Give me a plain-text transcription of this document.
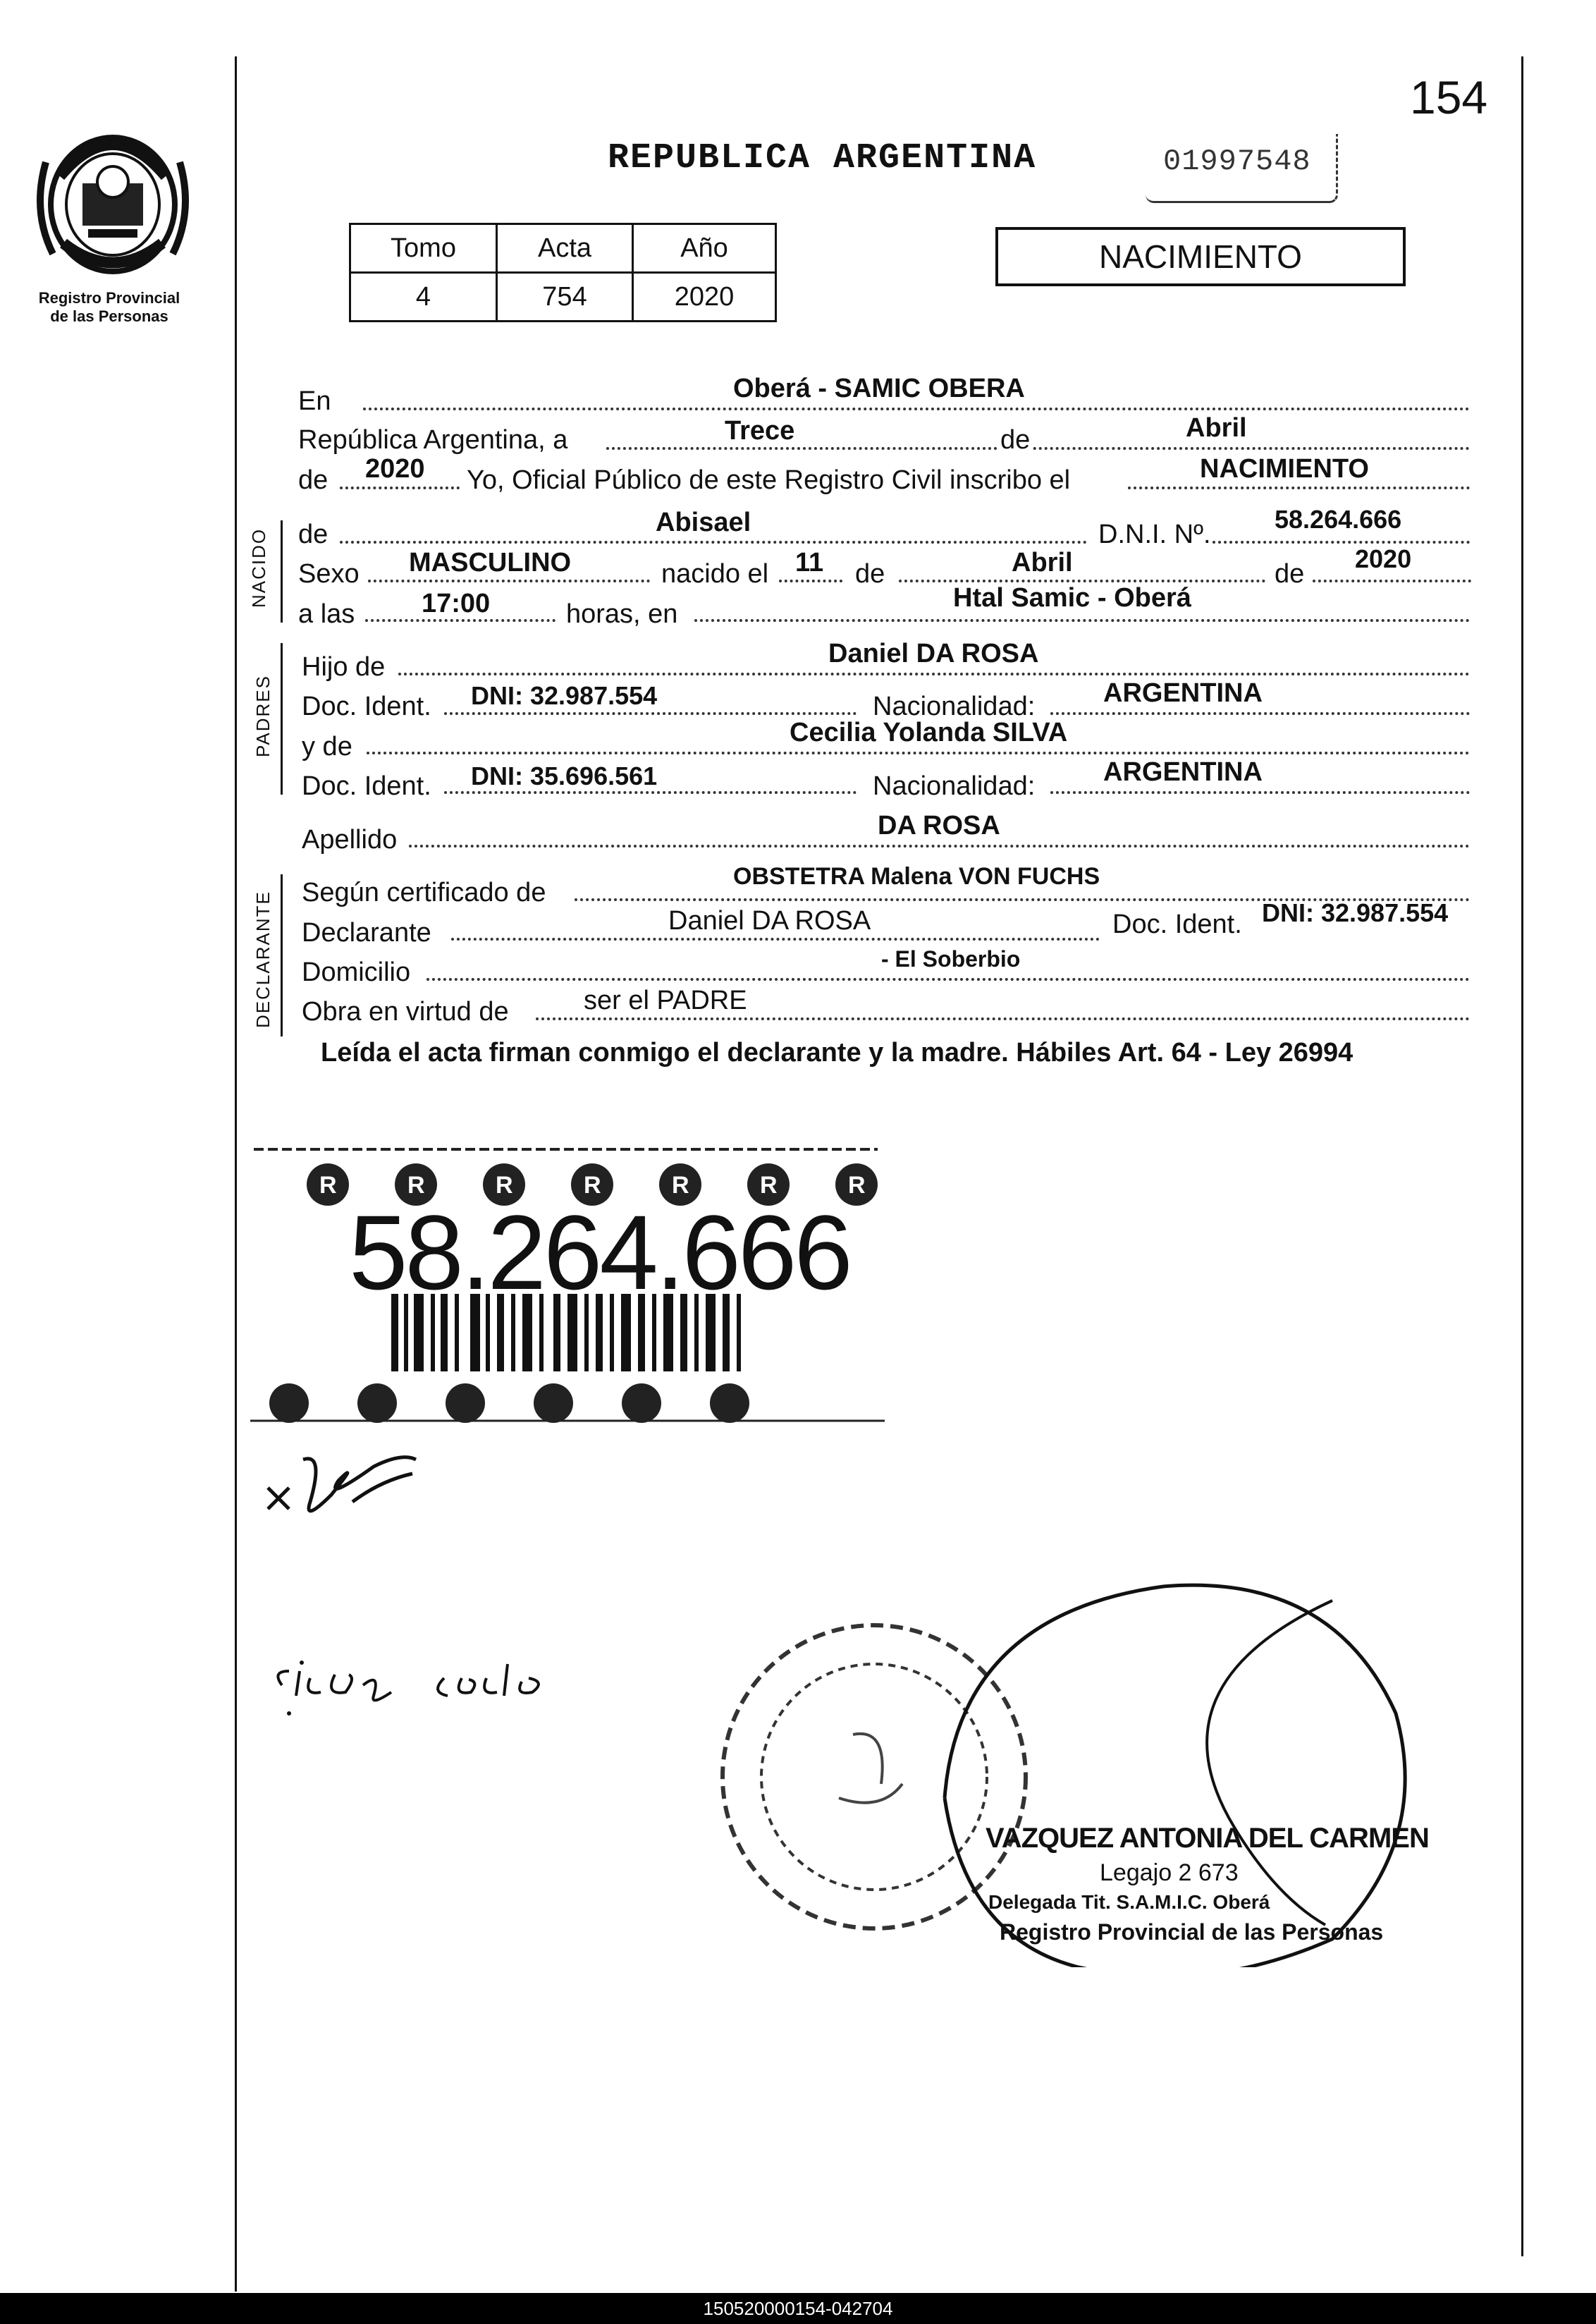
154
Registro Provincial
de las Personas
REPUBLICA ARGENTINA	01997548
Tomo	Acta	Año
4	754	2020
NACIMIENTO
En	Oberá - SAMIC OBERA
República Argentina, a	Trece	de	Abril
de 2020 Yo, Oficial Público de este Registro Civil inscribo el	NACIMIENTO
NACIDO de	Abisael	D.N.I. Nº.
58.264.666
Sexo MASCULINO	nacido el 11 de	Abril	de
2020
a las 17:00	horas, en
Htal Samic - Oberá
PADRES
Hijo de	Daniel DA ROSA
Doc. Ident. DNI: 32.987.554	Nacionalidad:	ARGENTINA
y de	Cecilia Yolanda SILVA
Doc. Ident. DNI: 35.696.561	Nacionalidad:	ARGENTINA
Apellido	DA ROSA
DECLARANTE Según certificado de
OBSTETRA Malena VON FUCHS
Declarante	Daniel DA ROSA	Doc. Ident. DNI: 32.987.554
Domicilio	- El Soberbio
Obra en virtud de	ser el PADRE
Leída el acta firman conmigo el declarante y la madre. Hábiles Art. 64 - Ley 26994
R	R	R	R	R	R	R
58.264.666
VAZQUEZ ANTONIA DEL CARMEN
Legajo 2 673
Delegada Tit. S.A.M.I.C. Oberá
Registro Provincial de las Personas
150520000154-042704
